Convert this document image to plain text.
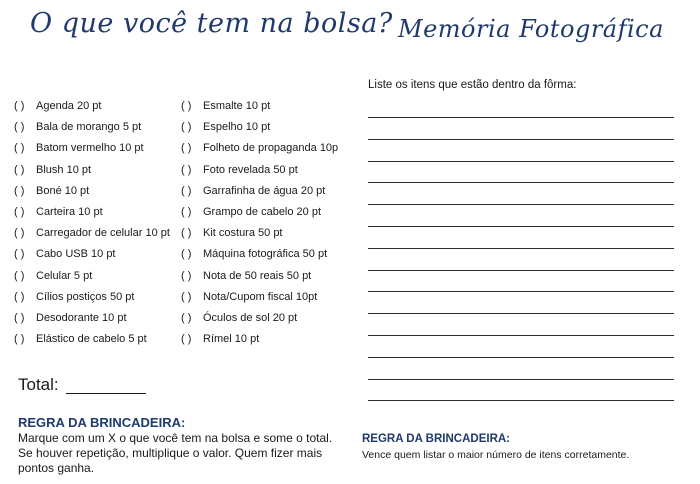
O que você tem na bolsa? Memória Fotográfica
( )	Agenda 20 pt
( )	Bala de morango 5 pt
( )	Batom vermelho 10 pt
( )	Blush 10 pt
( )	Boné 10 pt
( )	Carteira 10 pt
( )	Carregador de celular 10 pt
( )	Cabo USB 10 pt
( )	Celular 5 pt
( )	Cílios postiços 50 pt
( )	Desodorante 10 pt
( )	Elástico de cabelo 5 pt
( )	Esmalte 10 pt
( )	Espelho 10 pt
( )	Folheto de propaganda 10p
( )	Foto revelada 50 pt
( )	Garrafinha de água 20 pt
( )	Grampo de cabelo 20 pt
( )	Kit costura 50 pt
( )	Máquina fotográfica 50 pt
( )	Nota de 50 reais 50 pt
( )	Nota/Cupom fiscal 10pt
( )	Óculos de sol 20 pt
( )	Rímel 10 pt
Total:
REGRA DA BRINCADEIRA:
Marque com um X o que você tem na bolsa e some o total. Se houver repetição, multiplique o valor. Quem fizer mais pontos ganha.
Liste os itens que estão dentro da fôrma:
REGRA DA BRINCADEIRA:
Vence quem listar o maior número de itens corretamente.
